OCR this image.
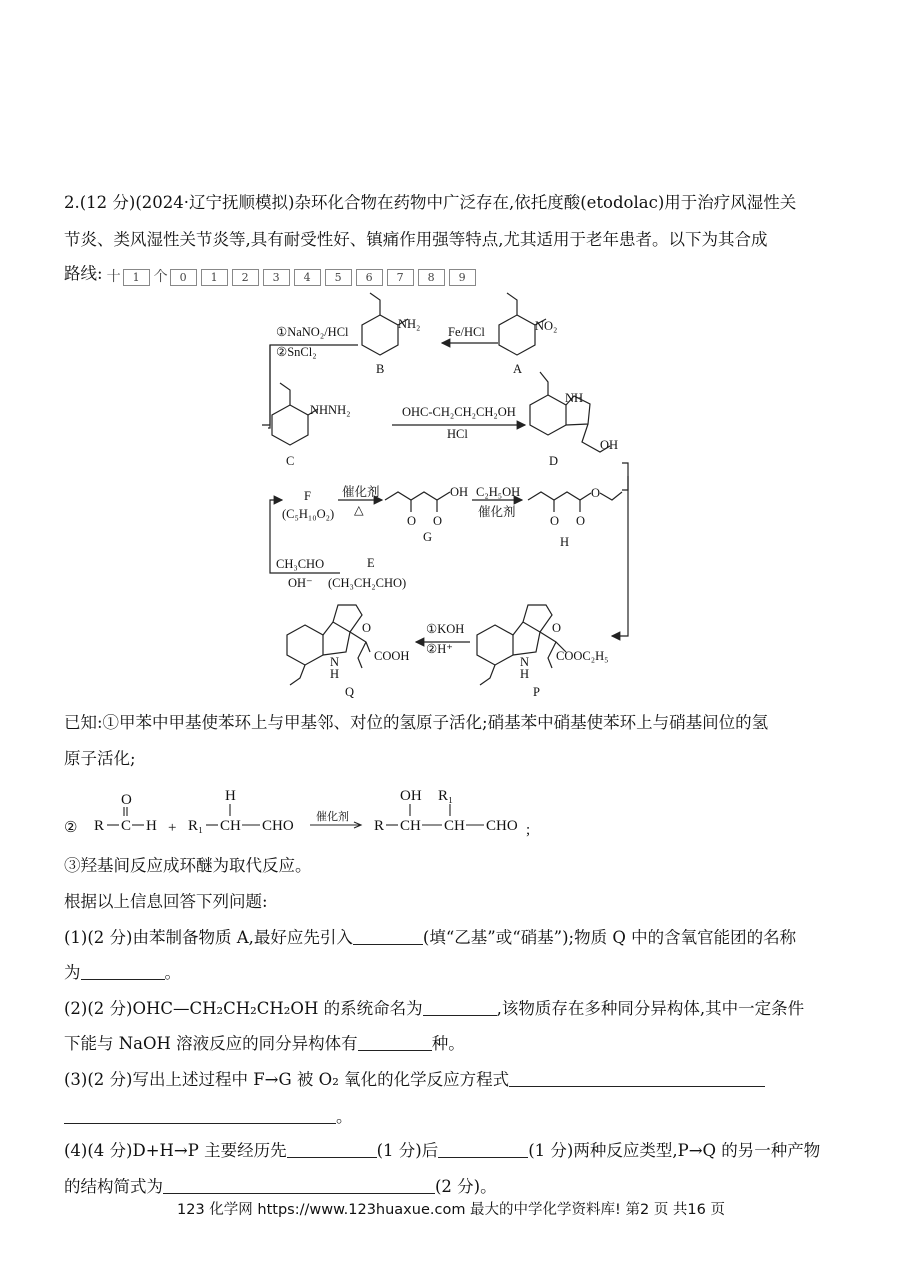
2.(12 分)(2024·辽宁抚顺模拟)杂环化合物在药物中广泛存在,依托度酸(etodolac)用于治疗风湿性关
节炎、类风湿性关节炎等,具有耐受性好、镇痛作用强等特点,尤其适用于老年患者。以下为其合成
路线: 十	1	个	0	1	2	3	4	5	6	7	8	9
NO₂
A
NH₂
B
Fe/HCl
①NaNO₂/HCl
②SnCl₂
NHNH₂
C
OHC-CH₂CH₂CH₂OH
HCl
NH
OH
D
F
(C₅H₁₀O₂)
催化剂
△
OH
O O
G
C₂H₅OH
催化剂
O
O O
H
CH₃CHO
OH⁻
E
(CH₃CH₂CHO)
①KOH
②H⁺
O
N
H
COOC₂H₅
P
O
N
H
COOH
Q
已知:①甲苯中甲基使苯环上与甲基邻、对位的氢原子活化;硝基苯中硝基使苯环上与硝基间位的氢
原子活化;
② R C
O
H + R₁ CH
H
CHO
催化剂
R CH
OH
CH
R₁
CHO ;
③羟基间反应成环醚为取代反应。
根据以上信息回答下列问题:
(1)(2 分)由苯制备物质 A,最好应先引入	(填“乙基”或“硝基”);物质 Q 中的含氧官能团的名称
为	。
(2)(2 分)OHC—CH₂CH₂CH₂OH 的系统命名为	,该物质存在多种同分异构体,其中一定条件
下能与 NaOH 溶液反应的同分异构体有	种。
(3)(2 分)写出上述过程中 F→G 被 O₂ 氧化的化学反应方程式
。
(4)(4 分)D+H→P 主要经历先	(1 分)后	(1 分)两种反应类型,P→Q 的另一种产物
的结构简式为	(2 分)。
123 化学网 https://www.123huaxue.com 最大的中学化学资料库! 第2 页 共16 页
